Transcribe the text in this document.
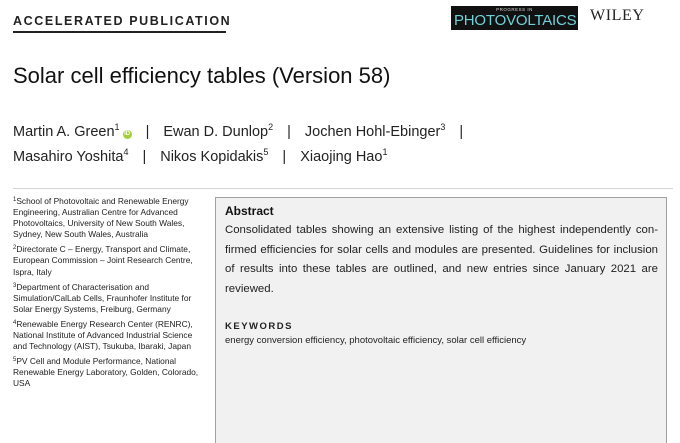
ACCELERATED PUBLICATION
PROGRESS IN
PHOTOVOLTAICS WILEY
Solar cell efficiency tables (Version 58)
Martin A. Green$^1$iD | Ewan D. Dunlop$^2$ | Jochen Hohl-Ebinger$^3$ |
Masahiro Yoshita$^4$ | Nikos Kopidakis$^5$ | Xiaojing Hao$^1$
$^1$School of Photovoltaic and Renewable Energy Engineering, Australian Centre for Advanced Photovoltaics, University of New South Wales, Sydney, New South Wales, Australia
$^2$Directorate C – Energy, Transport and Climate, European Commission – Joint Research Centre, Ispra, Italy
$^3$Department of Characterisation and Simulation/CalLab Cells, Fraunhofer Institute for Solar Energy Systems, Freiburg, Germany
$^4$Renewable Energy Research Center (RENRC), National Institute of Advanced Industrial Science and Technology (AIST), Tsukuba, Ibaraki, Japan
$^5$PV Cell and Module Performance, National Renewable Energy Laboratory, Golden, Colorado, USA
Abstract

Consolidated tables showing an extensive listing of the highest independently confirmed efficiencies for solar cells and modules are presented. Guidelines for inclusion of results into these tables are outlined, and new entries since January 2021 are reviewed.

KEYWORDS

energy conversion efficiency, photovoltaic efficiency, solar cell efficiency
